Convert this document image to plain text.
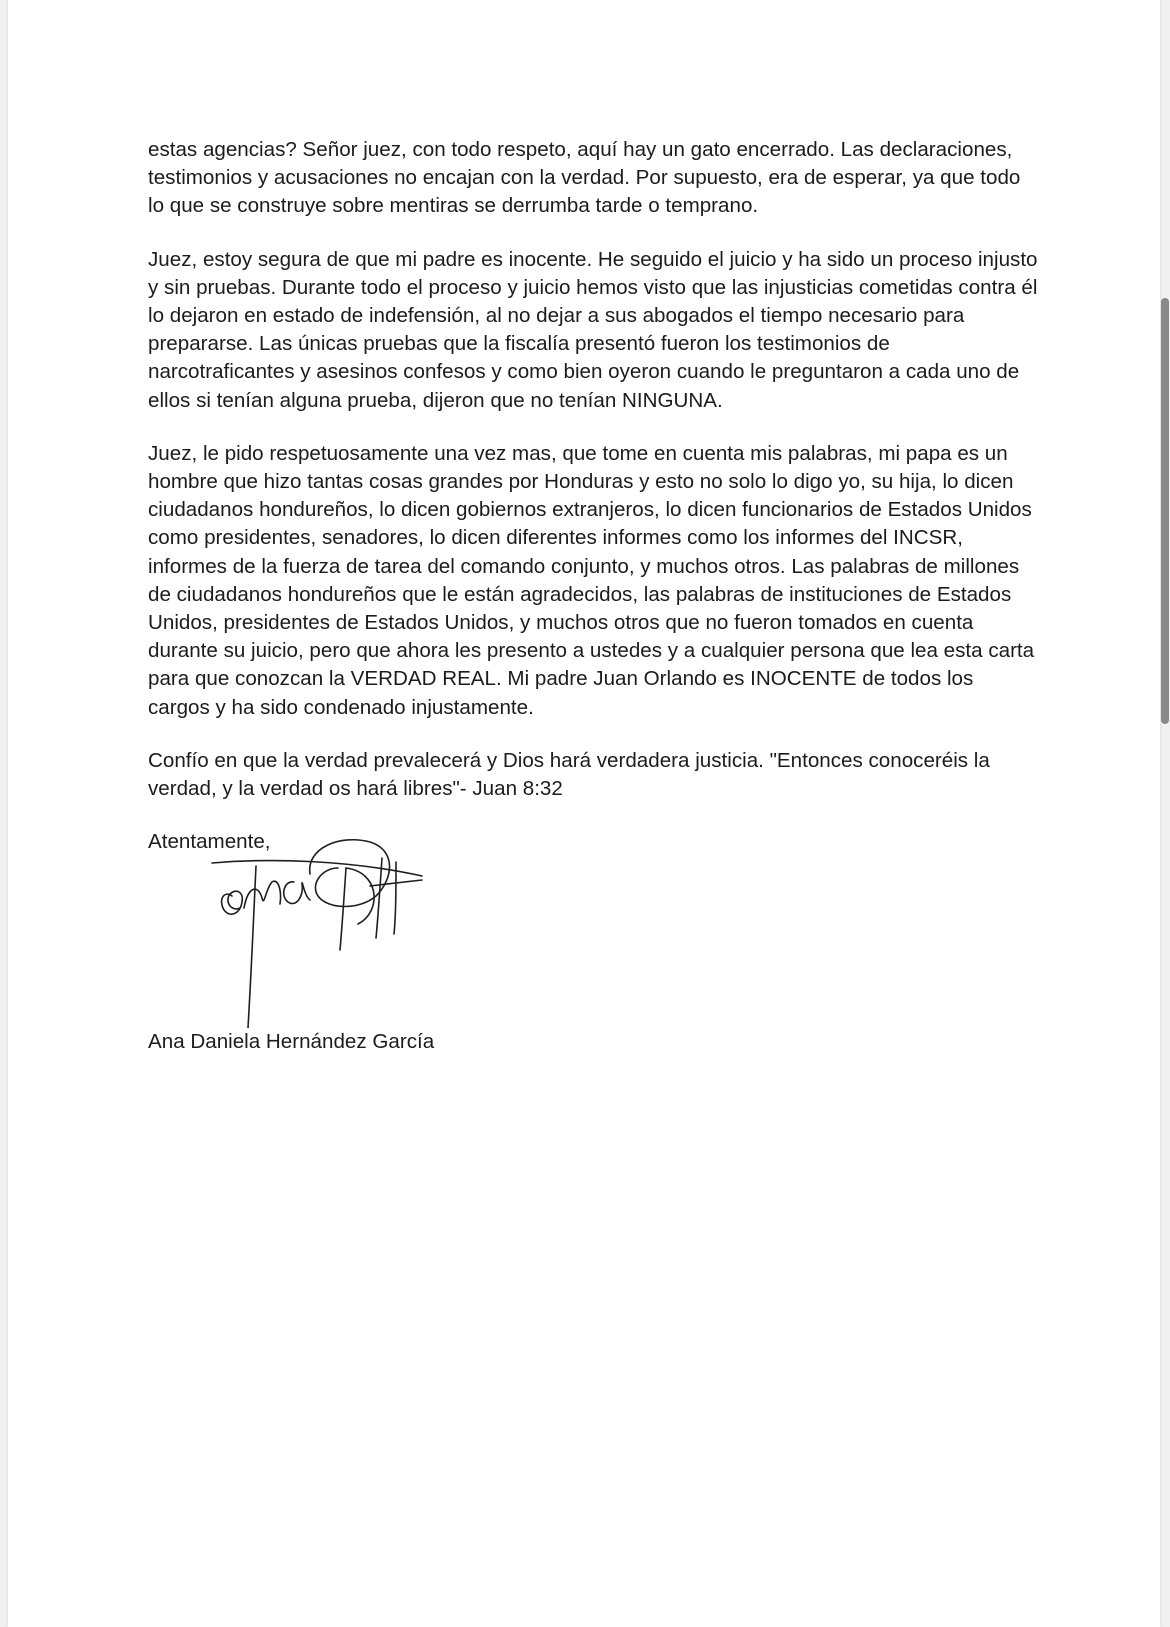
estas agencias? Señor juez, con todo respeto, aquí hay un gato encerrado. Las declaraciones, testimonios y acusaciones no encajan con la verdad. Por supuesto, era de esperar, ya que todo lo que se construye sobre mentiras se derrumba tarde o temprano.

Juez, estoy segura de que mi padre es inocente. He seguido el juicio y ha sido un proceso injusto y sin pruebas. Durante todo el proceso y juicio hemos visto que las injusticias cometidas contra él lo dejaron en estado de indefensión, al no dejar a sus abogados el tiempo necesario para prepararse. Las únicas pruebas que la fiscalía presentó fueron los testimonios de narcotraficantes y asesinos confesos y como bien oyeron cuando le preguntaron a cada uno de ellos si tenían alguna prueba, dijeron que no tenían NINGUNA.

Juez, le pido respetuosamente una vez mas, que tome en cuenta mis palabras, mi papa es un hombre que hizo tantas cosas grandes por Honduras y esto no solo lo digo yo, su hija, lo dicen ciudadanos hondureños, lo dicen gobiernos extranjeros, lo dicen funcionarios de Estados Unidos como presidentes, senadores, lo dicen diferentes informes como los informes del INCSR, informes de la fuerza de tarea del comando conjunto, y muchos otros. Las palabras de millones de ciudadanos hondureños que le están agradecidos, las palabras de instituciones de Estados Unidos, presidentes de Estados Unidos, y muchos otros que no fueron tomados en cuenta durante su juicio, pero que ahora les presento a ustedes y a cualquier persona que lea esta carta para que conozcan la VERDAD REAL. Mi padre Juan Orlando es INOCENTE de todos los cargos y ha sido condenado injustamente.

Confío en que la verdad prevalecerá y Dios hará verdadera justicia. "Entonces conoceréis la verdad, y la verdad os hará libres"- Juan 8:32

Atentamente,

Ana Daniela Hernández García
